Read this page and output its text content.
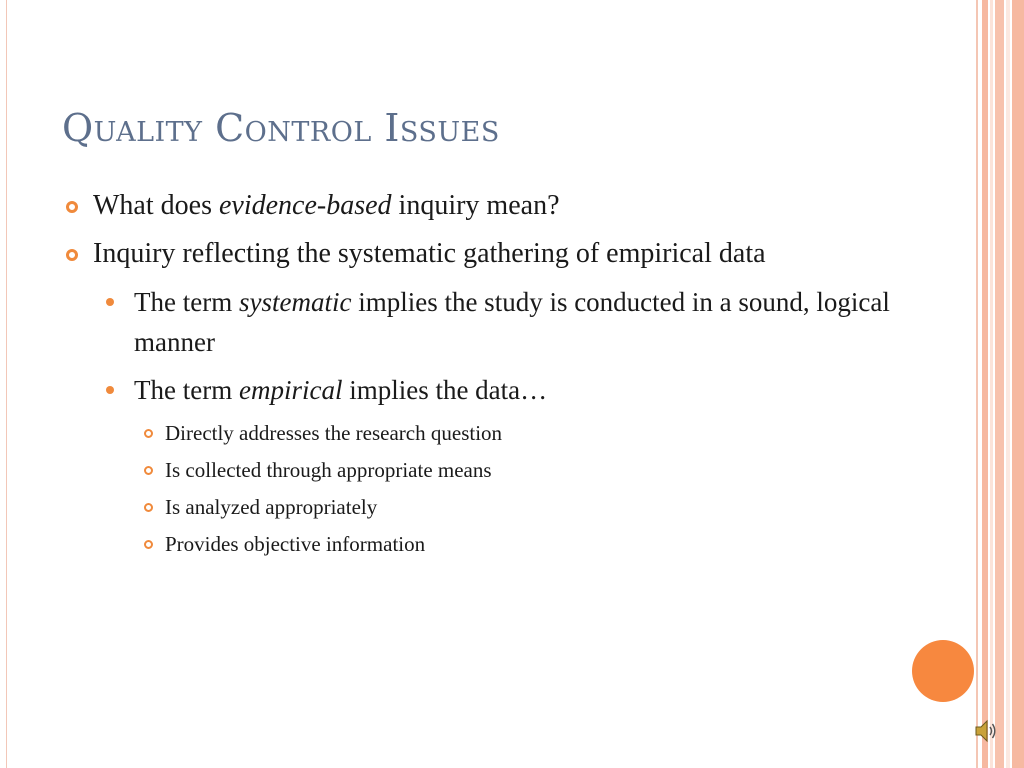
Quality Control Issues
What does evidence-based inquiry mean?
Inquiry reflecting the systematic gathering of empirical data
The term systematic implies the study is conducted in a sound, logical manner
The term empirical implies the data…
Directly addresses the research question
Is collected through appropriate means
Is analyzed appropriately
Provides objective information
